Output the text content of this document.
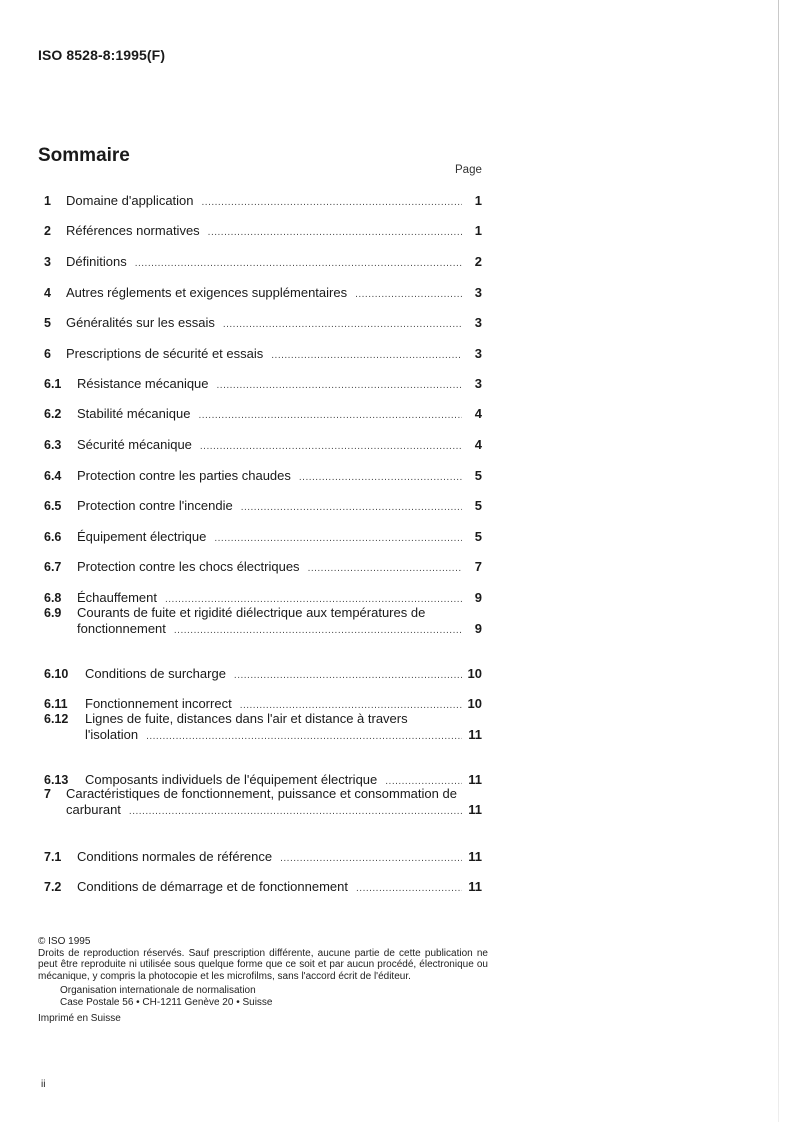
ISO 8528-8:1995(F)
Sommaire
Page
1 Domaine d'application .....	1
2 Références normatives .....	1
3 Définitions .....	2
4 Autres réglements et exigences supplémentaires .....	3
5 Généralités sur les essais .....	3
6 Prescriptions de sécurité et essais .....	3
6.1 Résistance mécanique .....	3
6.2 Stabilité mécanique .....	4
6.3 Sécurité mécanique .....	4
6.4 Protection contre les parties chaudes .....	5
6.5 Protection contre l'incendie .....	5
6.6 Équipement électrique .....	5
6.7 Protection contre les chocs électriques .....	7
6.8 Échauffement .....	9
6.9 Courants de fuite et rigidité diélectrique aux températures de
fonctionnement .....	9
6.10 Conditions de surcharge .....	10
6.11 Fonctionnement incorrect .....	10
6.12 Lignes de fuite, distances dans l'air et distance à travers
l'isolation .....	11
6.13 Composants individuels de l'équipement électrique .....	11
7 Caractéristiques de fonctionnement, puissance et consommation de
carburant .....	11
7.1 Conditions normales de référence .....	11
7.2 Conditions de démarrage et de fonctionnement .....	11
© ISO 1995
Droits de reproduction réservés. Sauf prescription différente, aucune partie de cette publication ne peut être reproduite ni utilisée sous quelque forme que ce soit et par aucun procédé, électronique ou mécanique, y compris la photocopie et les microfilms, sans l'accord écrit de l'éditeur.
Organisation internationale de normalisation
Case Postale 56 • CH-1211 Genève 20 • Suisse
Imprimé en Suisse
ii
